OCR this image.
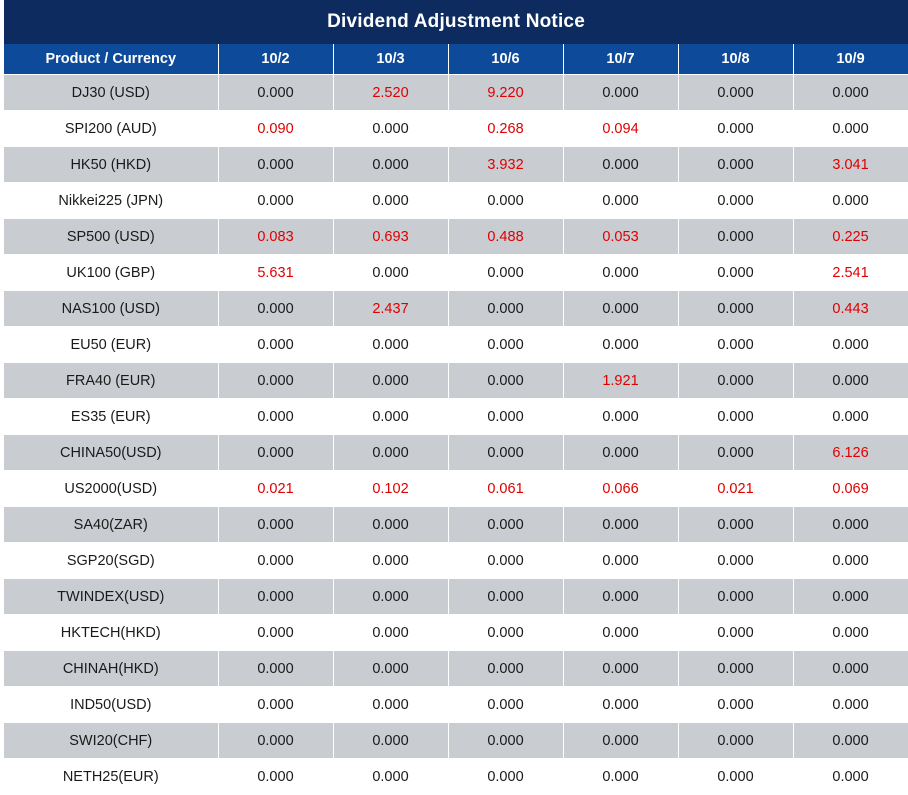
Dividend Adjustment Notice						
Product / Currency	10/2	10/3	10/6	10/7	10/8	10/9
DJ30 (USD)	0.000	2.520	9.220	0.000	0.000	0.000
SPI200 (AUD)	0.090	0.000	0.268	0.094	0.000	0.000
HK50 (HKD)	0.000	0.000	3.932	0.000	0.000	3.041
Nikkei225 (JPN)	0.000	0.000	0.000	0.000	0.000	0.000
SP500 (USD)	0.083	0.693	0.488	0.053	0.000	0.225
UK100 (GBP)	5.631	0.000	0.000	0.000	0.000	2.541
NAS100 (USD)	0.000	2.437	0.000	0.000	0.000	0.443
EU50 (EUR)	0.000	0.000	0.000	0.000	0.000	0.000
FRA40 (EUR)	0.000	0.000	0.000	1.921	0.000	0.000
ES35 (EUR)	0.000	0.000	0.000	0.000	0.000	0.000
CHINA50(USD)	0.000	0.000	0.000	0.000	0.000	6.126
US2000(USD)	0.021	0.102	0.061	0.066	0.021	0.069
SA40(ZAR)	0.000	0.000	0.000	0.000	0.000	0.000
SGP20(SGD)	0.000	0.000	0.000	0.000	0.000	0.000
TWINDEX(USD)	0.000	0.000	0.000	0.000	0.000	0.000
HKTECH(HKD)	0.000	0.000	0.000	0.000	0.000	0.000
CHINAH(HKD)	0.000	0.000	0.000	0.000	0.000	0.000
IND50(USD)	0.000	0.000	0.000	0.000	0.000	0.000
SWI20(CHF)	0.000	0.000	0.000	0.000	0.000	0.000
NETH25(EUR)	0.000	0.000	0.000	0.000	0.000	0.000
